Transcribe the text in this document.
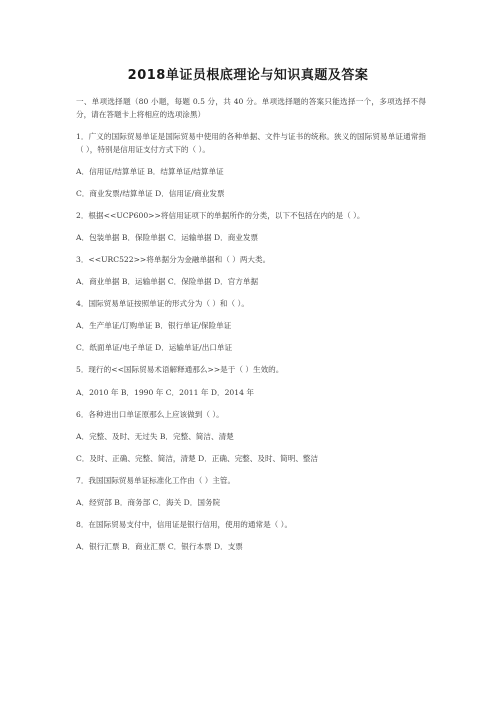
2018单证员根底理论与知识真题及答案

一、单项选择题（80 小题，每题 0.5 分，共 40 分。单项选择题的答案只能选择一个，多项选择不得分，请在答题卡上将相应的选项涂黑）

1．广义的国际贸易单证是国际贸易中使用的各种单据、文件与证书的统称。狭义的国际贸易单证通常指（ ），特别是信用证支付方式下的（ ）。

A．信用证/结算单证 B．结算单证/结算单证

C．商业发票/结算单证 D．信用证/商业发票

2．根据<<UCP600>>将信用证项下的单据所作的分类，以下不包括在内的是（ ）。

A．包装单据 B．保险单据 C．运输单据 D．商业发票

3．<<URC522>>将单据分为金融单据和（ ）两大类。

A．商业单据 B．运输单据 C．保险单据 D．官方单据

4．国际贸易单证按照单证的形式分为（ ）和（ ）。

A．生产单证/订购单证 B．银行单证/保险单证

C．纸面单证/电子单证 D．运输单证/出口单证

5．现行的<<国际贸易术语解释通那么>>是于（ ）生效的。

A．2010 年 B．1990 年 C．2011 年 D．2014 年

6．各种进出口单证原那么上应该做到（ ）。

A．完整、及时、无过失 B．完整、简洁、清楚

C．及时、正确、完整、简洁，清楚 D．正确、完整、及时、简明、整洁

7．我国国际贸易单证标准化工作由（ ）主管。

A．经贸部 B．商务部 C．海关 D．国务院

8．在国际贸易支付中，信用证是银行信用，使用的通常是（ ）。

A．银行汇票 B．商业汇票 C．银行本票 D．支票
